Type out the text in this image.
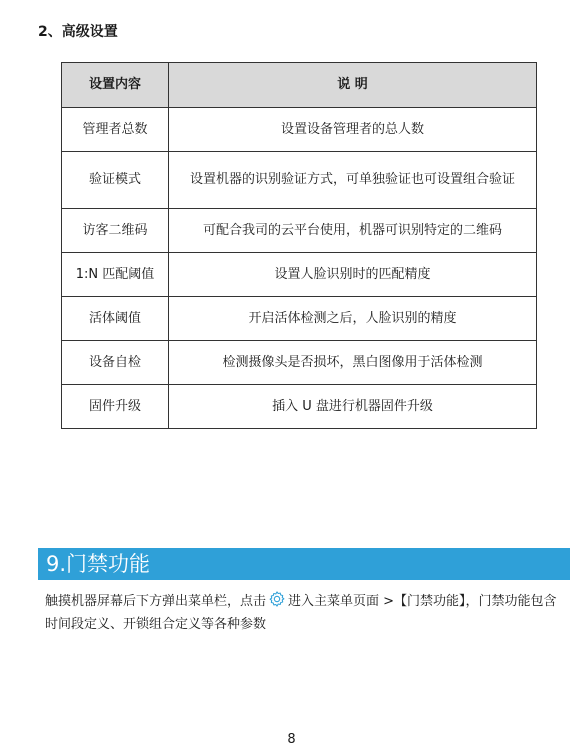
2、高级设置
设置内容	说 明
管理者总数	设置设备管理者的总人数
验证模式	设置机器的识别验证方式，可单独验证也可设置组合验证
访客二维码	可配合我司的云平台使用，机器可识别特定的二维码
1:N 匹配阈值	设置人脸识别时的匹配精度
活体阈值	开启活体检测之后，人脸识别的精度
设备自检	检测摄像头是否损坏，黑白图像用于活体检测
固件升级	插入 U 盘进行机器固件升级
9.门禁功能
触摸机器屏幕后下方弹出菜单栏，点击 进入主菜单页面 >【门禁功能】，门禁功能包含时间段定义、开锁组合定义等各种参数
8
